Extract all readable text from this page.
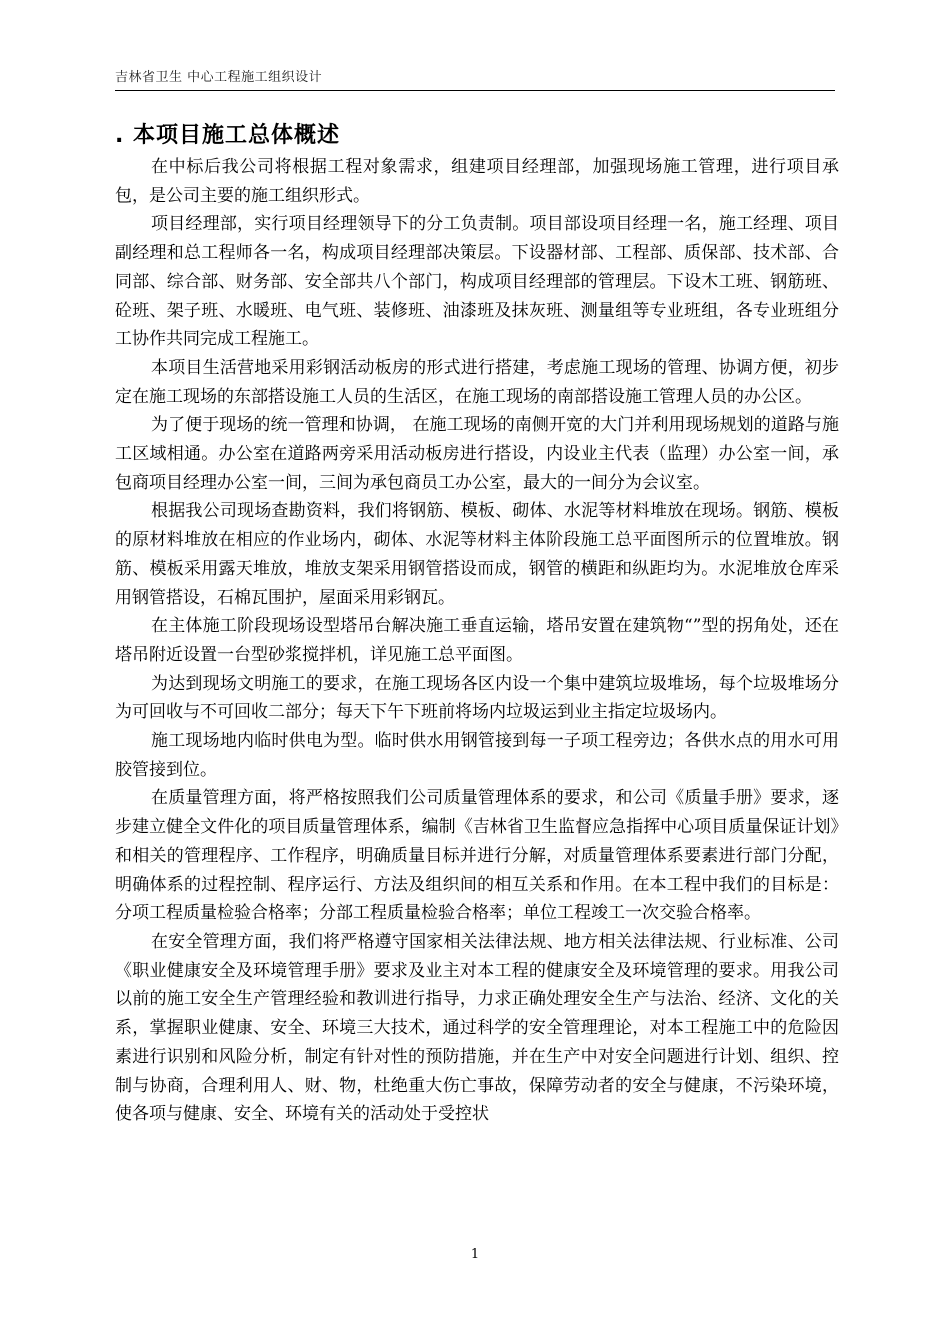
吉林省卫生 中心工程施工组织设计
. 本项目施工总体概述

在中标后我公司将根据工程对象需求，组建项目经理部，加强现场施工管理，进行项目承包，是公司主要的施工组织形式。

项目经理部，实行项目经理领导下的分工负责制。项目部设项目经理一名，施工经理、项目副经理和总工程师各一名，构成项目经理部决策层。下设器材部、工程部、质保部、技术部、合同部、综合部、财务部、安全部共八个部门，构成项目经理部的管理层。下设木工班、钢筋班、砼班、架子班、水暖班、电气班、装修班、油漆班及抹灰班、测量组等专业班组，各专业班组分工协作共同完成工程施工。

本项目生活营地采用彩钢活动板房的形式进行搭建，考虑施工现场的管理、协调方便，初步定在施工现场的东部搭设施工人员的生活区，在施工现场的南部搭设施工管理人员的办公区。

为了便于现场的统一管理和协调， 在施工现场的南侧开宽的大门并利用现场规划的道路与施工区域相通。办公室在道路两旁采用活动板房进行搭设，内设业主代表（监理）办公室一间，承包商项目经理办公室一间，三间为承包商员工办公室，最大的一间分为会议室。

根据我公司现场查勘资料，我们将钢筋、模板、砌体、水泥等材料堆放在现场。钢筋、模板的原材料堆放在相应的作业场内，砌体、水泥等材料主体阶段施工总平面图所示的位置堆放。钢筋、模板采用露天堆放，堆放支架采用钢管搭设而成，钢管的横距和纵距均为。水泥堆放仓库采用钢管搭设，石棉瓦围护，屋面采用彩钢瓦。

在主体施工阶段现场设型塔吊台解决施工垂直运输，塔吊安置在建筑物“”型的拐角处，还在塔吊附近设置一台型砂浆搅拌机，详见施工总平面图。

为达到现场文明施工的要求，在施工现场各区内设一个集中建筑垃圾堆场，每个垃圾堆场分为可回收与不可回收二部分；每天下午下班前将场内垃圾运到业主指定垃圾场内。

施工现场地内临时供电为型。临时供水用钢管接到每一子项工程旁边；各供水点的用水可用胶管接到位。

在质量管理方面，将严格按照我们公司质量管理体系的要求，和公司《质量手册》要求，逐步建立健全文件化的项目质量管理体系，编制《吉林省卫生监督应急指挥中心项目质量保证计划》和相关的管理程序、工作程序，明确质量目标并进行分解，对质量管理体系要素进行部门分配，明确体系的过程控制、程序运行、方法及组织间的相互关系和作用。在本工程中我们的目标是：分项工程质量检验合格率；分部工程质量检验合格率；单位工程竣工一次交验合格率。

在安全管理方面，我们将严格遵守国家相关法律法规、地方相关法律法规、行业标准、公司《职业健康安全及环境管理手册》要求及业主对本工程的健康安全及环境管理的要求。用我公司以前的施工安全生产管理经验和教训进行指导，力求正确处理安全生产与法治、经济、文化的关系，掌握职业健康、安全、环境三大技术，通过科学的安全管理理论，对本工程施工中的危险因素进行识别和风险分析，制定有针对性的预防措施，并在生产中对安全问题进行计划、组织、控制与协商，合理利用人、财、物，杜绝重大伤亡事故，保障劳动者的安全与健康，不污染环境，使各项与健康、安全、环境有关的活动处于受控状

1
